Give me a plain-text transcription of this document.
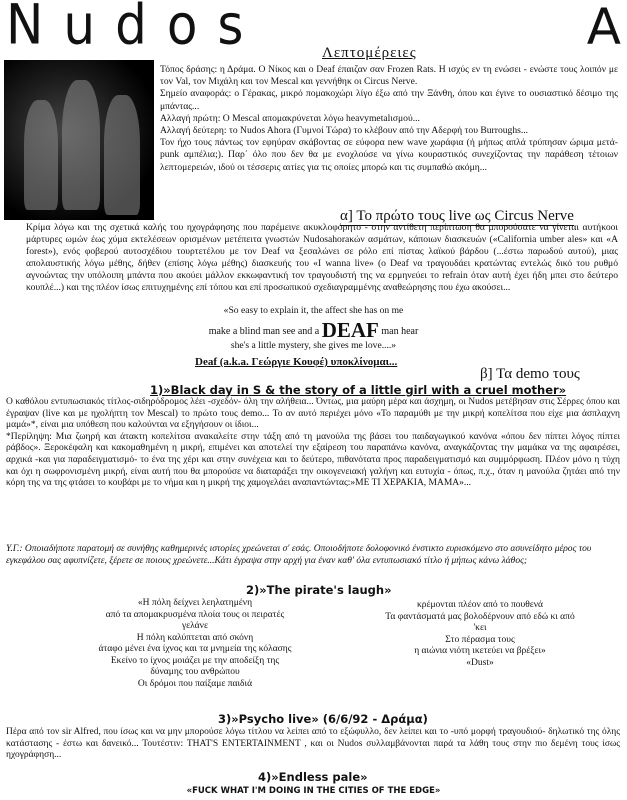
Nudos	A
Λεπτομέρειες

Τόπος δράσης: η Δράμα. Ο Νίκος και ο Deaf έπαιζαν σαν Frozen Rats. Η ισχύς εν τη ενώσει - ενώστε τους λοιπόν με τον Val, τον Μιχάλη και τον Mescal και γεννήθηκ οι Circus Nerve.

Σημείο αναφοράς: ο Γέρακας, μικρό πομακοχώρι λίγο έξω από την Ξάνθη, όπου και έγινε το ουσιαστικό δέσιμο της μπάντας...

Αλλαγή πρώτη: Ο Mescal απομακρύνεται λόγω heavymetalισμού...

Αλλαγή δεύτερη: το Nudos Ahora (Γυμνοί Τώρα) το κλέβουν από την Αδερφή του Burroughs...

Τον ήχο τους πάντως τον εφηύραν σκάβοντας σε εύφορα new wave χωράφια (ή μήπως απλά τρύπησαν ώριμα μετά-punk αμπέλια;). Παρ΄ όλο που δεν θα με ενοχλούσε να γίνω κουραστικός συνεχίζοντας την παράθεση τέτοιων λεπτομερειών, ιδού οι τέσσερις αιτίες για τις οποίες μπορώ και τις συμπαθώ ακόμη...

α] Το πρώτο τους live ως Circus Nerve

Κρίμα λόγω και της σχετικά καλής του ηχογράφησης που παρέμεινε ακυκλοφόρητο - στην αντίθετη περίπτωση θα μπορούσατε να γίνεται αυτήκοοι μάρτυρες ωμών έως χύμα εκτελέσεων ορισμένων μετέπειτα γνωστών Nudosahoraκών ασμάτων, κάποιων διασκευών («California umber ales» και «A forest»), ενός φοβερού αυτοσχέδιου τουρτετέλου με τον Deaf να ξεσαλώνει σε ρόλο επί πίστας λαϊκού βάρδου (...έστω παρωδού αυτού), μιας απολαυστικής λόγω μέθης, δήθεν (επίσης λόγω μέθης) διασκευής του «I wanna live» (ο Deaf να τραγουδάει κρατώντας εντελώς δικό του ρυθμό αγνοώντας την υπόλοιπη μπάντα που ακούει μάλλον εκκωφαντική τον τραγουδιστή της να ερμηνεύει το refrain όταν αυτή έχει ήδη μπει στο δεύτερο κουπλέ...) και της πλέον ίσως επιτυχημένης επί τόπου και επί προσωπικού σχεδιαγραμμένης αναθεώρησης που έχω ακούσει...

«So easy to explain it, the affect she has on me
make a blind man see and a DEAF man hear
she's a little mystery, she gives me love....»
Deaf (a.k.a. Γεώργιε Κουφέ) υποκλίνομαι...
β] Τα demo τους
1)»Black day in S & the story of a little girl with a cruel mother»

Ο καθόλου εντυπωσιακός τίτλος-σιδηρόδρομος λέει -σχεδόν- όλη την αλήθεια... Όντως, μια μαύρη μέρα και άσχημη, οι Nudos μετέβησαν στις Σέρρες όπου και έγραψαν (live και με ηχολήπτη τον Mescal) το πρώτο τους demo... Το αν αυτό περιέχει μόνο «Το παραμύθι με την μικρή κοπελίτσα που είχε μια άσπλαχνη μαμά»*, είναι μια υπόθεση που καλούνται να εξηγήσουν οι ίδιοι...

*Περίληψη: Μια ζωηρή και άτακτη κοπελίτσα ανακαλείτε στην τάξη από τη μανούλα της βάσει του παιδαγωγικού κανόνα «όπου δεν πίπτει λόγος πίπτει ράβδος». Ξεροκέφαλη και κακομαθημένη η μικρή, επιμένει και αποτελεί την εξαίρεση του παραπάνω κανόνα, αναγκάζοντας την μαμάκα να της αφαιρέσει, αρχικά -και για παραδειγματισμό- το ένα της χέρι και στην συνέχεια και το δεύτερο, πιθανότατα προς παραδειγματισμό και συμμόρφωση. Πλέον μόνο η τύχη και όχι η σωφρονισμένη μικρή, είναι αυτή που θα μπορούσε να διαταράξει την οικογενειακή γαλήνη και ευτυχία - όπως, π.χ., όταν η μανούλα ζητάει από την κόρη της να της φτάσει το κουβάρι με το νήμα και η μικρή της χαμογελάει αναπαντώντας:»ΜΕ ΤΙ ΧΕΡΑΚΙΑ, ΜΑΜΑ»...

Υ.Γ.: Οποιαδήποτε παρατομή σε συνήθης καθημερινές ιστορίες χρεώνεται σ' εσάς. Οποιοδήποτε δολοφονικό ένστικτο ευρισκόμενο στο ασυνείδητο μέρος του εγκεφάλου σας αφυπνίζετε, ξέρετε σε ποιους χρεώνετε...Κάτι έγραψα στην αρχή για έναν καθ' όλα εντυπωσιακό τίτλο ή μήπως κάνω λάθος;
2)»The pirate's laugh»
«Η πόλη δείχνει λεηλατημένη
από τα απομακρυσμένα πλοία τους οι πειρατές
γελάνε
Η πόλη καλύπτεται από σκόνη
άταφο μένει ένα ίχνος και τα μνημεία της κόλασης
Εκείνο το ίχνος μοιάζει με την αποδείξη της
δύναμης του ανθρώπου
Οι δρόμοι που παίξαμε παιδιά
κρέμονται πλέον από το πουθενά
Τα φαντάσματά μας βολοδέρνουν από εδώ κι από
'κει
Στο πέρασμα τους
η αιώνια νιότη ικετεύει να βρέξει»
«Dust»
3)»Psycho live» (6/6/92 - Δράμα)

Πέρα από τον sir Alfred, που ίσως και να μην μπορούσε λόγω τίτλου να λείπει από το εξώφυλλο, δεν λείπει και το -υπό μορφή τραγουδιού- δηλωτικό της όλης κατάστασης - έστω και δανεικό... Τουτέστιν: THAT'S ENTERTAINMENT , και οι Nudos συλλαμβάνονται παρά τα λάθη τους στην πιο δεμένη τους ίσως ηχογράφηση...

4)»Endless pale»
«FUCK WHAT I'M DOING IN THE CITIES OF THE EDGE»
